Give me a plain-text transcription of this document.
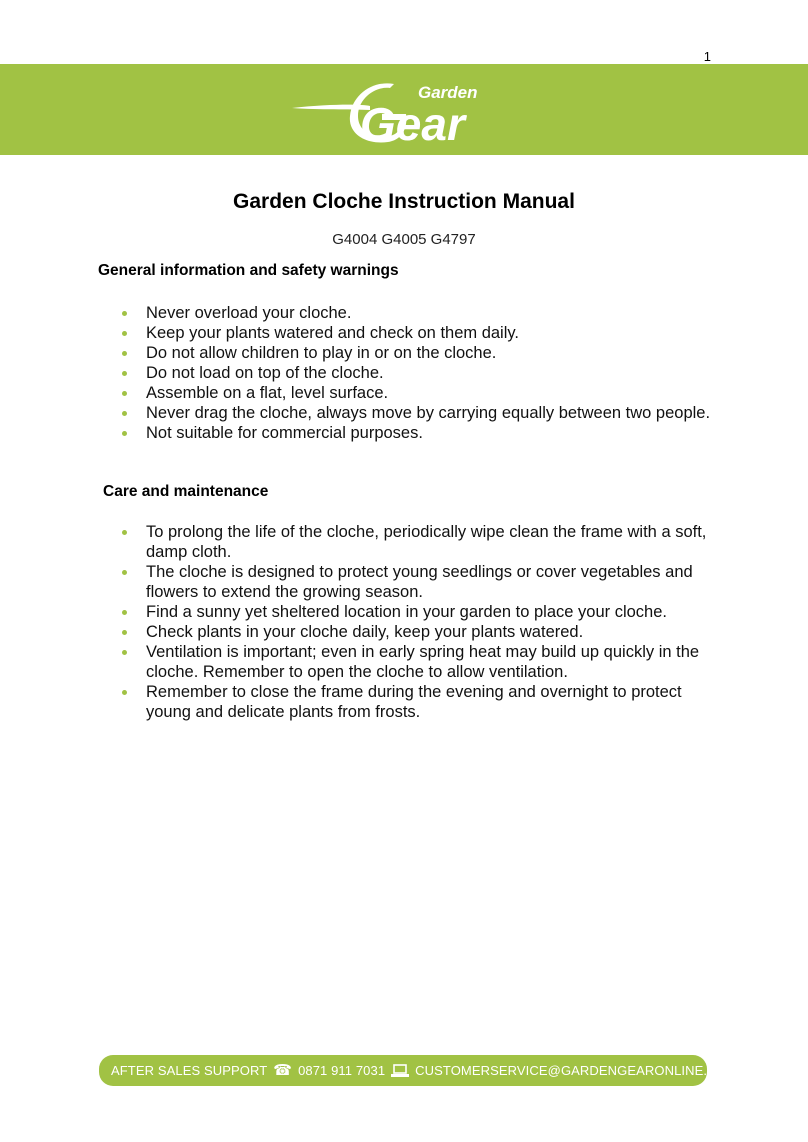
1
Gear
Garden
Garden Cloche Instruction Manual
G4004 G4005 G4797
General information and safety warnings
Never overload your cloche.
Keep your plants watered and check on them daily.
Do not allow children to play in or on the cloche.
Do not load on top of the cloche.
Assemble on a flat, level surface.
Never drag the cloche, always move by carrying equally between two people.
Not suitable for commercial purposes.
Care and maintenance
To prolong the life of the cloche, periodically wipe clean the frame with a soft, damp cloth.
The cloche is designed to protect young seedlings or cover vegetables and flowers to extend the growing season.
Find a sunny yet sheltered location in your garden to place your cloche.
Check plants in your cloche daily, keep your plants watered.
Ventilation is important; even in early spring heat may build up quickly in the cloche. Remember to open the cloche to allow ventilation.
Remember to close the frame during the evening and overnight to protect young and delicate plants from frosts.
AFTER SALES SUPPORT ☎ 0871 911 7031 CUSTOMERSERVICE@GARDENGEARONLINE.CO.UK
